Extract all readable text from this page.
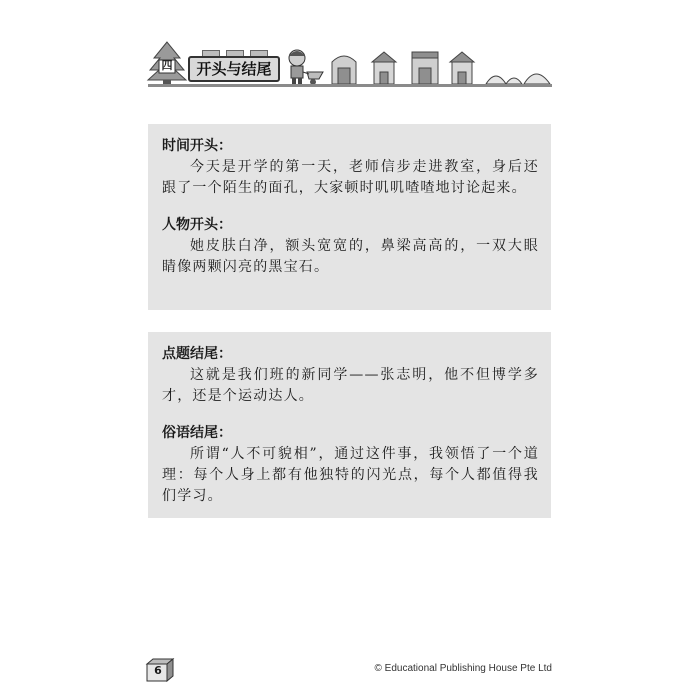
四	开头与结尾

时间开头：

今天是开学的第一天，老师信步走进教室，身后还跟了一个陌生的面孔，大家顿时叽叽喳喳地讨论起来。

人物开头：

她皮肤白净，额头宽宽的，鼻梁高高的，一双大眼睛像两颗闪亮的黑宝石。

点题结尾：

这就是我们班的新同学——张志明，他不但博学多才，还是个运动达人。

俗语结尾：

所谓“人不可貌相”，通过这件事，我领悟了一个道理：每个人身上都有他独特的闪光点，每个人都值得我们学习。

6	© Educational Publishing House Pte Ltd
